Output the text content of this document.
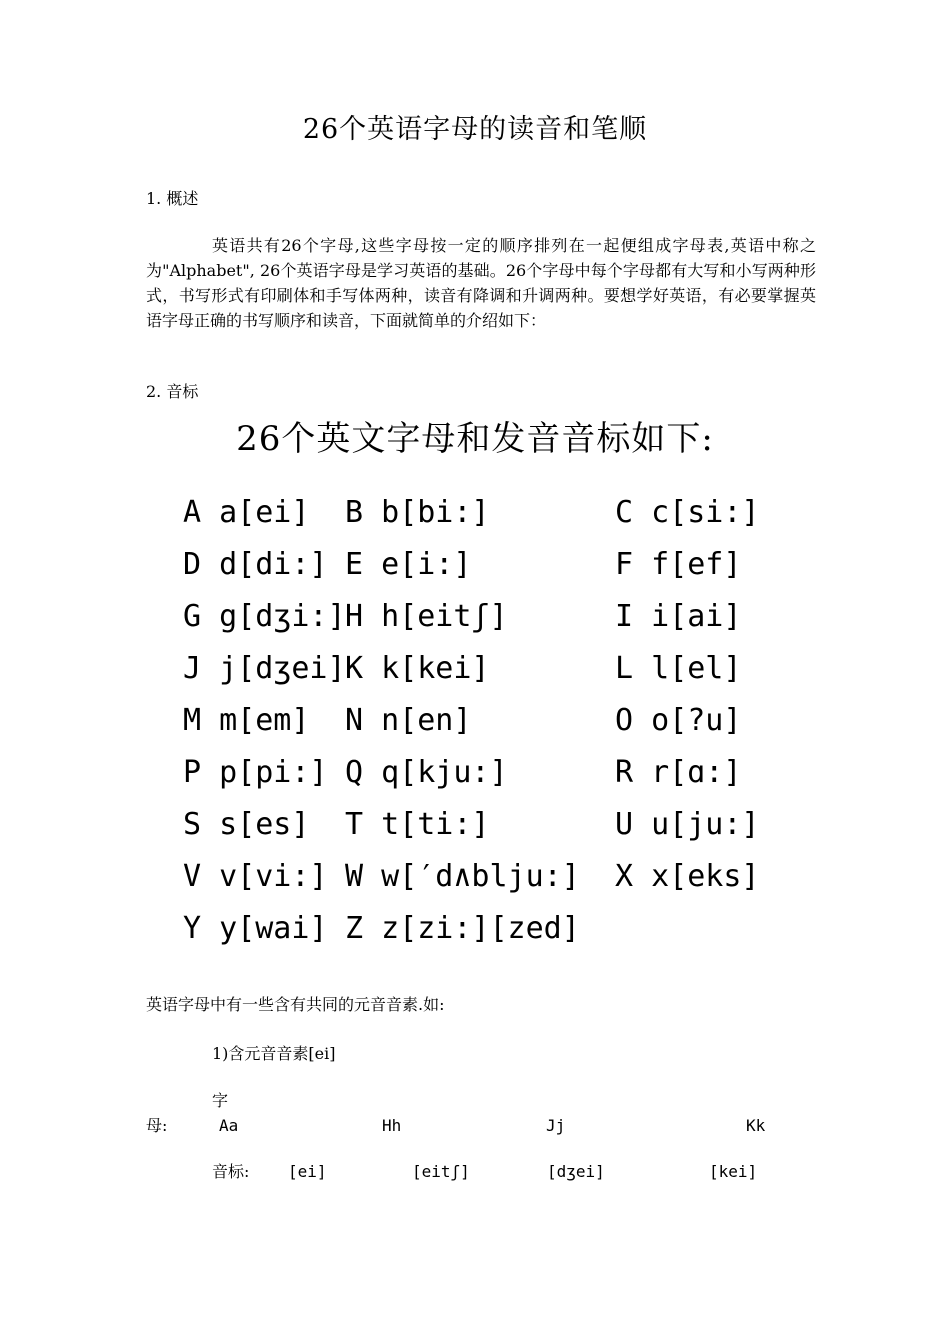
26个英语字母的读音和笔顺
1. 概述
英语共有26个字母,这些字母按一定的顺序排列在一起便组成字母表,英语中称之为"Alphabet", 26个英语字母是学习英语的基础。26个字母中每个字母都有大写和小写两种形式，书写形式有印刷体和手写体两种，读音有降调和升调两种。要想学好英语，有必要掌握英语字母正确的书写顺序和读音，下面就简单的介绍如下：
2. 音标
26个英文字母和发音音标如下:
A a[ei] B b[bi:]	C c[si:]
D d[di:] E e[i:]	F f[ef]
G g[dʒi:] H h[eitʃ]	I i[ai]
J j[dʒei] K k[kei]	L l[el]
M m[em] N n[en]	O o[?u]
P p[pi:] Q q[kju:]	R r[ɑ:]
S s[es] T t[ti:]	U u[ju:]
V v[vi:] W w[′d∧blju:] X x[eks]
Y y[wai] Z z[zi:][zed]
英语字母中有一些含有共同的元音音素.如:
1)含元音音素[ei]
字
母:	Aa	Hh	Jj	Kk
音标: [ei]	[eitʃ]	[dʒei]	[kei]
